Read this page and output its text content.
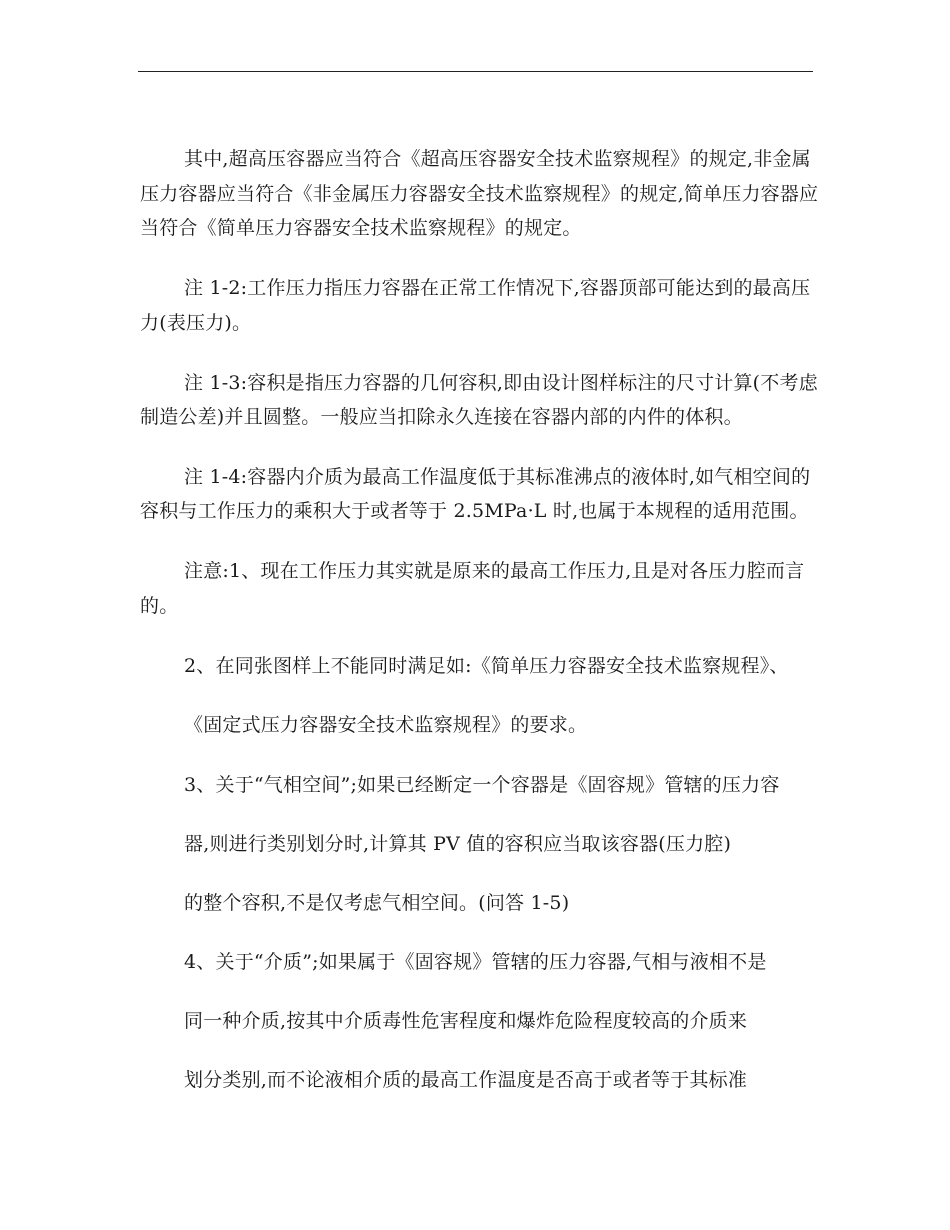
其中,超高压容器应当符合《超高压容器安全技术监察规程》的规定,非金属
压力容器应当符合《非金属压力容器安全技术监察规程》的规定,简单压力容器应
当符合《简单压力容器安全技术监察规程》的规定。
注 1-2:工作压力指压力容器在正常工作情况下,容器顶部可能达到的最高压
力(表压力)。
注 1-3:容积是指压力容器的几何容积,即由设计图样标注的尺寸计算(不考虑
制造公差)并且圆整。一般应当扣除永久连接在容器内部的内件的体积。
注 1-4:容器内介质为最高工作温度低于其标准沸点的液体时,如气相空间的
容积与工作压力的乘积大于或者等于 2.5MPa·L 时,也属于本规程的适用范围。
注意:1、现在工作压力其实就是原来的最高工作压力,且是对各压力腔而言
的。
2、在同张图样上不能同时满足如:《简单压力容器安全技术监察规程》、
《固定式压力容器安全技术监察规程》的要求。
3、关于“气相空间”;如果已经断定一个容器是《固容规》管辖的压力容
器,则进行类别划分时,计算其 PV 值的容积应当取该容器(压力腔)
的整个容积,不是仅考虑气相空间。(问答 1-5)
4、关于“介质”;如果属于《固容规》管辖的压力容器,气相与液相不是
同一种介质,按其中介质毒性危害程度和爆炸危险程度较高的介质来
划分类别,而不论液相介质的最高工作温度是否高于或者等于其标准
